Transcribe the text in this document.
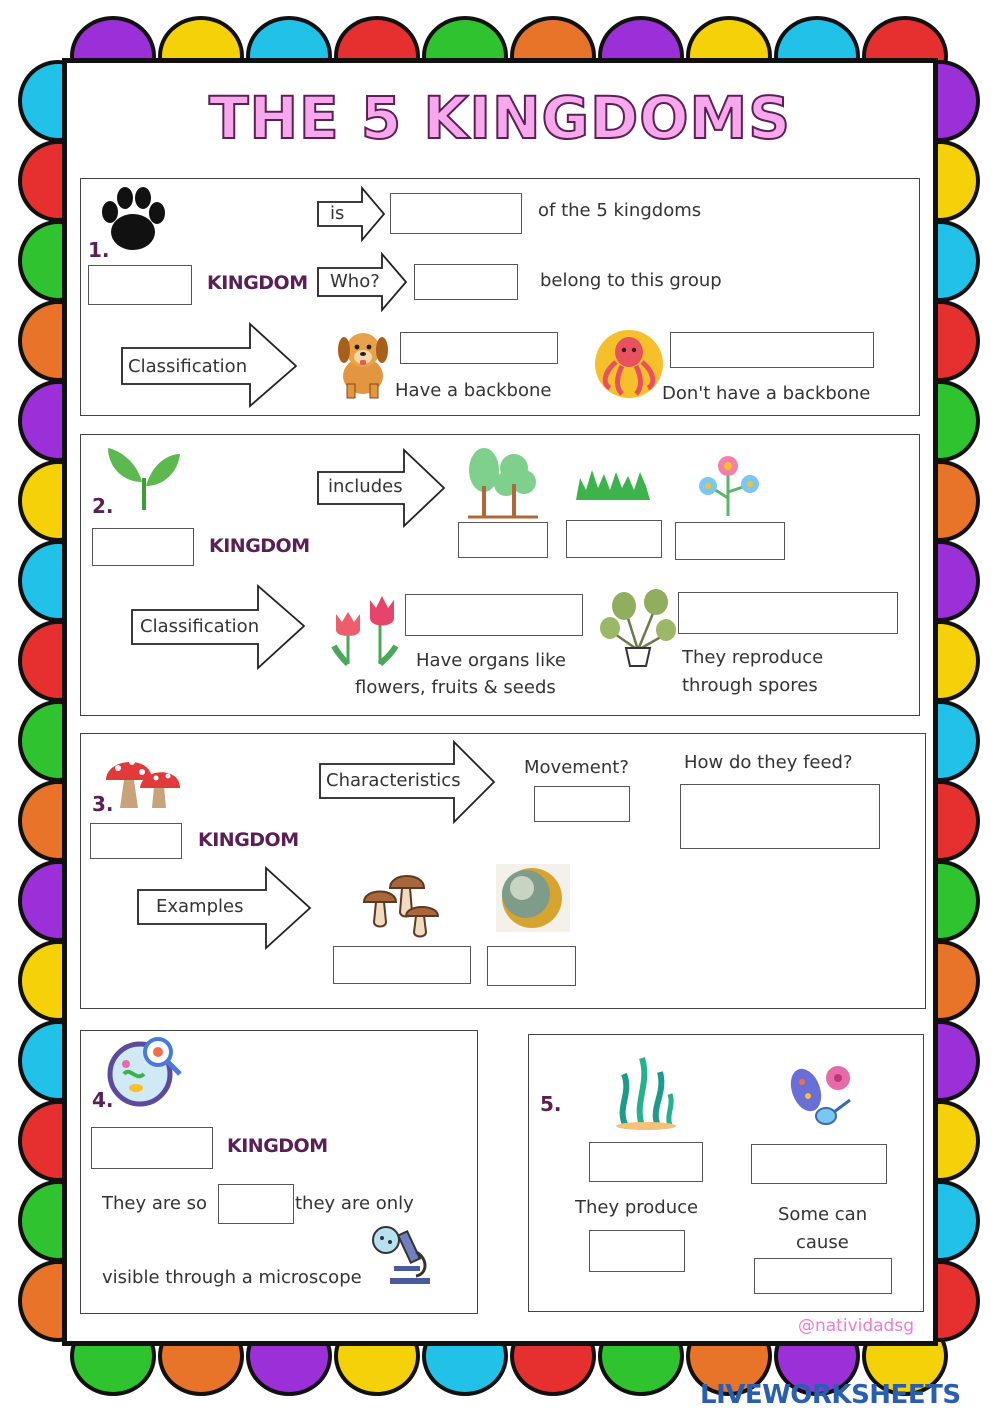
THE 5 KINGDOMS
1.
KINGDOM
is	of the 5 kingdoms
Who?	belong to this group
Classification
Have a backbone	Don't have a backbone
2.
KINGDOM
includes
Classification
Have organs like
flowers, fruits & seeds
They reproduce
through spores
3.
KINGDOM
Characteristics
Movement?	How do they feed?
Examples
4.
KINGDOM
They are so	they are only
visible through a microscope
5.
They produce	Some can
cause
@natividadsg
LIVEWORKSHEETS
